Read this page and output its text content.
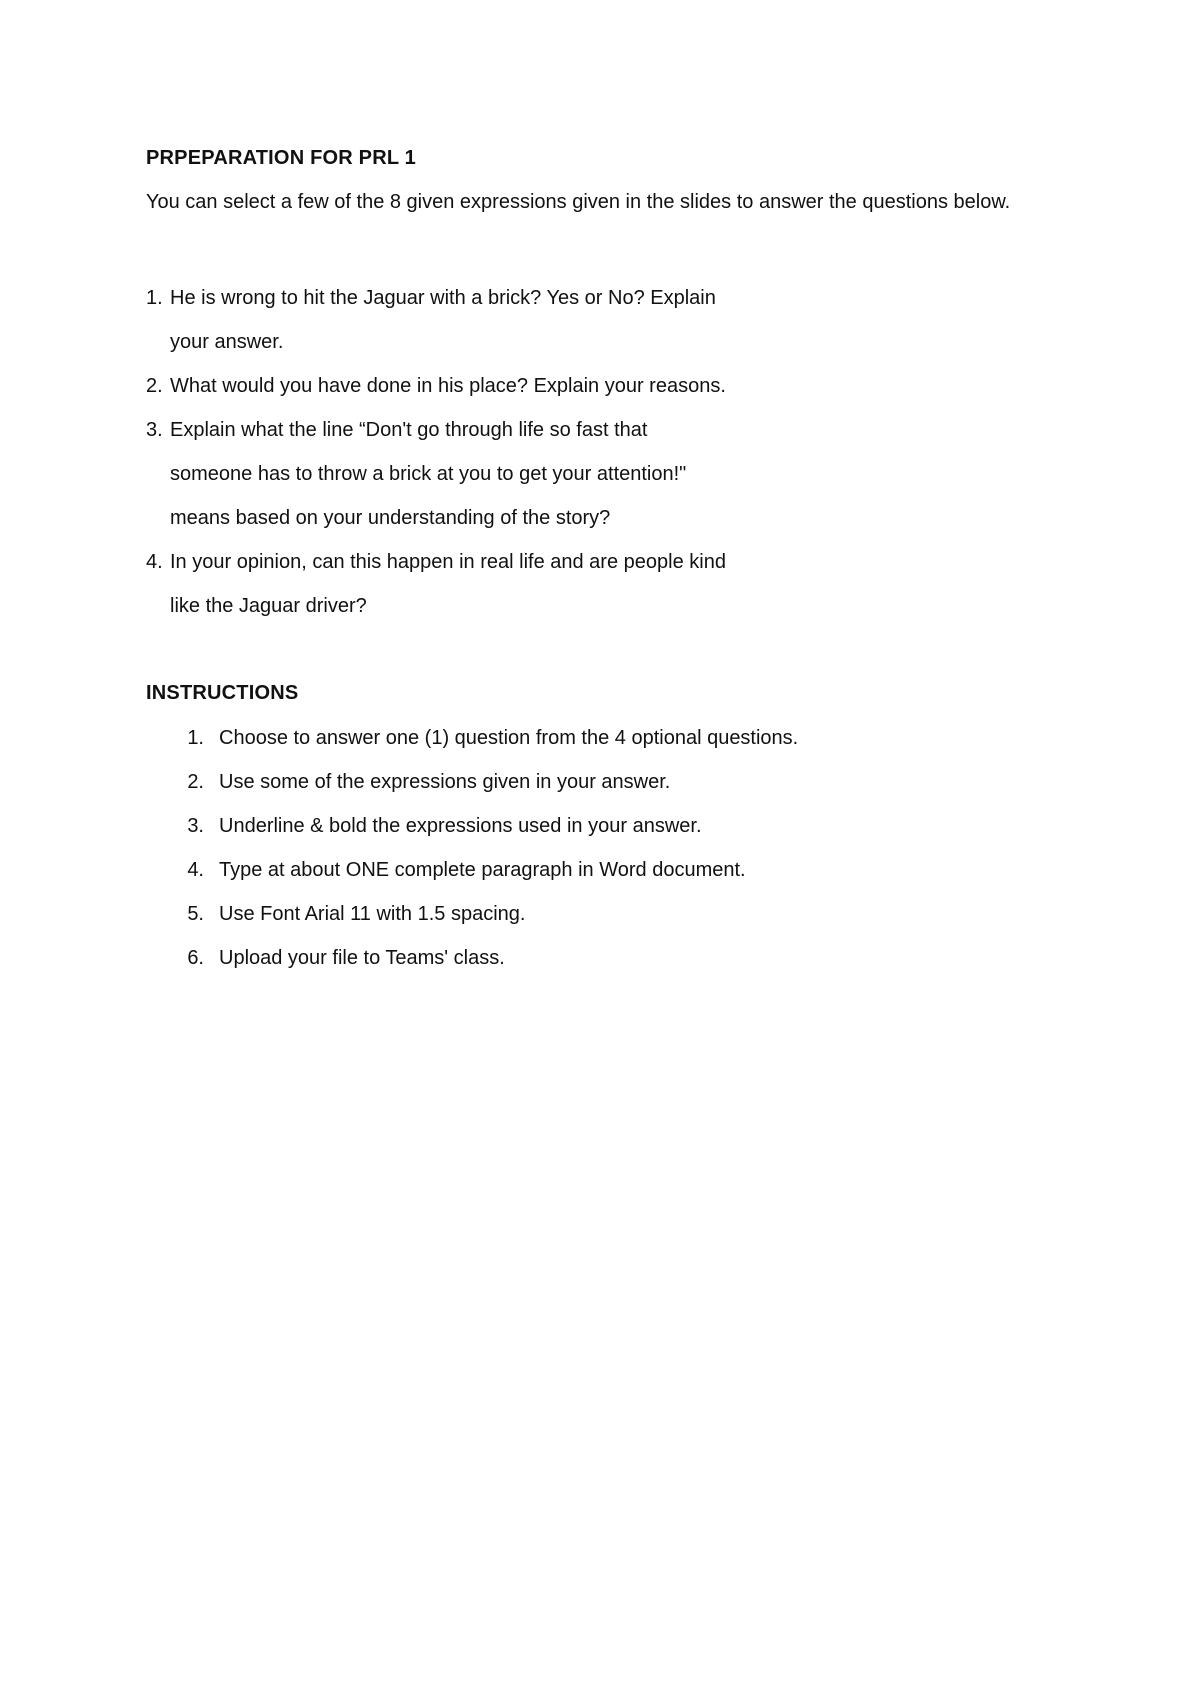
PRPEPARATION FOR PRL 1
You can select a few of the 8 given expressions given in the slides to answer the questions below.
1. He is wrong to hit the Jaguar with a brick? Yes or No? Explain
your answer.
2. What would you have done in his place? Explain your reasons.
3. Explain what the line “Don't go through life so fast that
someone has to throw a brick at you to get your attention!"
means based on your understanding of the story?
4. In your opinion, can this happen in real life and are people kind
like the Jaguar driver?
INSTRUCTIONS
1. Choose to answer one (1) question from the 4 optional questions.
2. Use some of the expressions given in your answer.
3. Underline & bold the expressions used in your answer.
4. Type at about ONE complete paragraph in Word document.
5. Use Font Arial 11 with 1.5 spacing.
6. Upload your file to Teams' class.
